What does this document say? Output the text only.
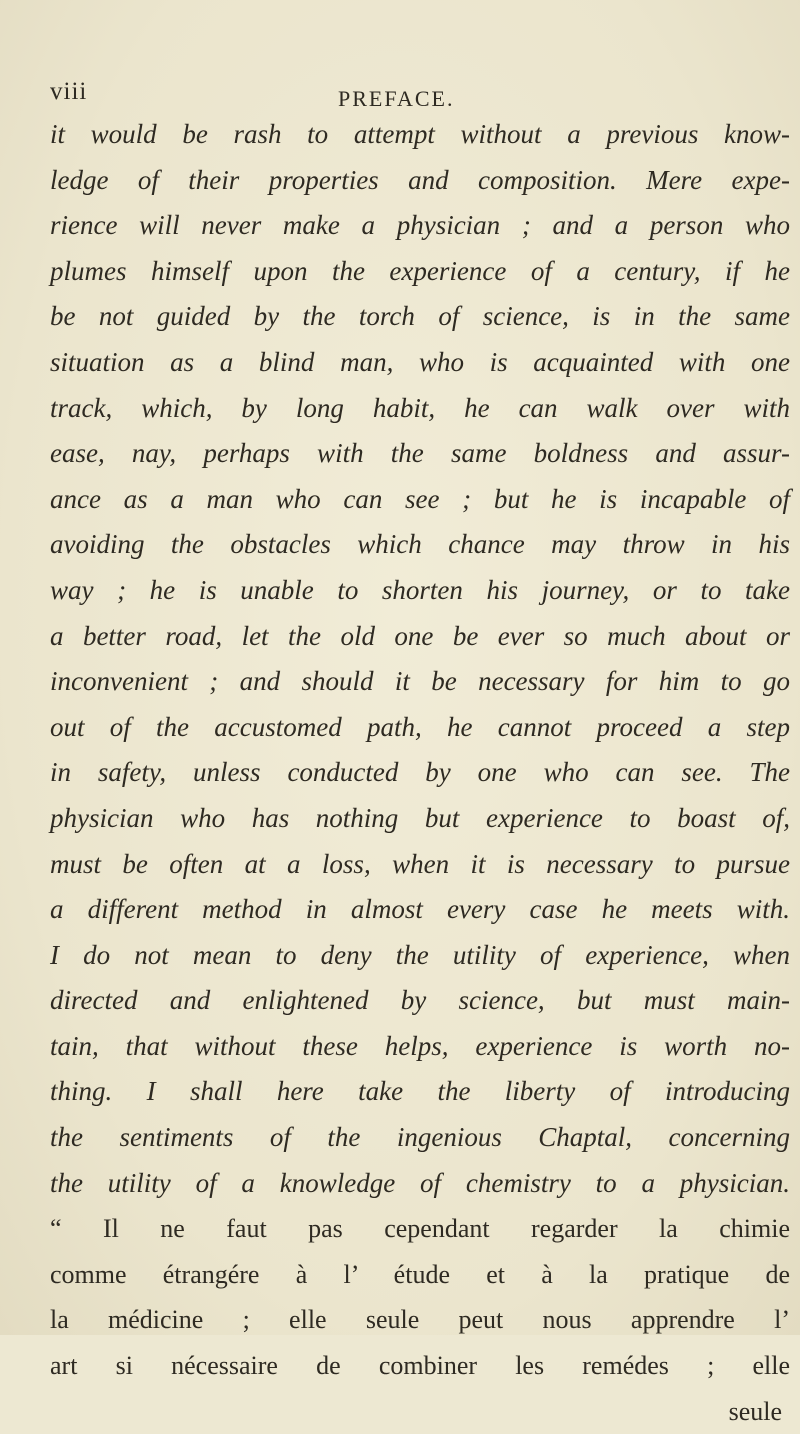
viii	PREFACE.
it would be rash to attempt without a previous know-
ledge of their properties and composition. Mere expe-
rience will never make a physician ; and a person who
plumes himself upon the experience of a century, if he
be not guided by the torch of science, is in the same
situation as a blind man, who is acquainted with one
track, which, by long habit, he can walk over with
ease, nay, perhaps with the same boldness and assur-
ance as a man who can see ; but he is incapable of
avoiding the obstacles which chance may throw in his
way ; he is unable to shorten his journey, or to take
a better road, let the old one be ever so much about or
inconvenient ; and should it be necessary for him to go
out of the accustomed path, he cannot proceed a step
in safety, unless conducted by one who can see. The
physician who has nothing but experience to boast of,
must be often at a loss, when it is necessary to pursue
a different method in almost every case he meets with.
I do not mean to deny the utility of experience, when
directed and enlightened by science, but must main-
tain, that without these helps, experience is worth no-
thing. I shall here take the liberty of introducing
the sentiments of the ingenious Chaptal, concerning
the utility of a knowledge of chemistry to a physician.
“ Il ne faut pas cependant regarder la chimie
comme étrangére à l’ étude et à la pratique de
la médicine ; elle seule peut nous apprendre l’
art si nécessaire de combiner les remédes ; elle
seule
